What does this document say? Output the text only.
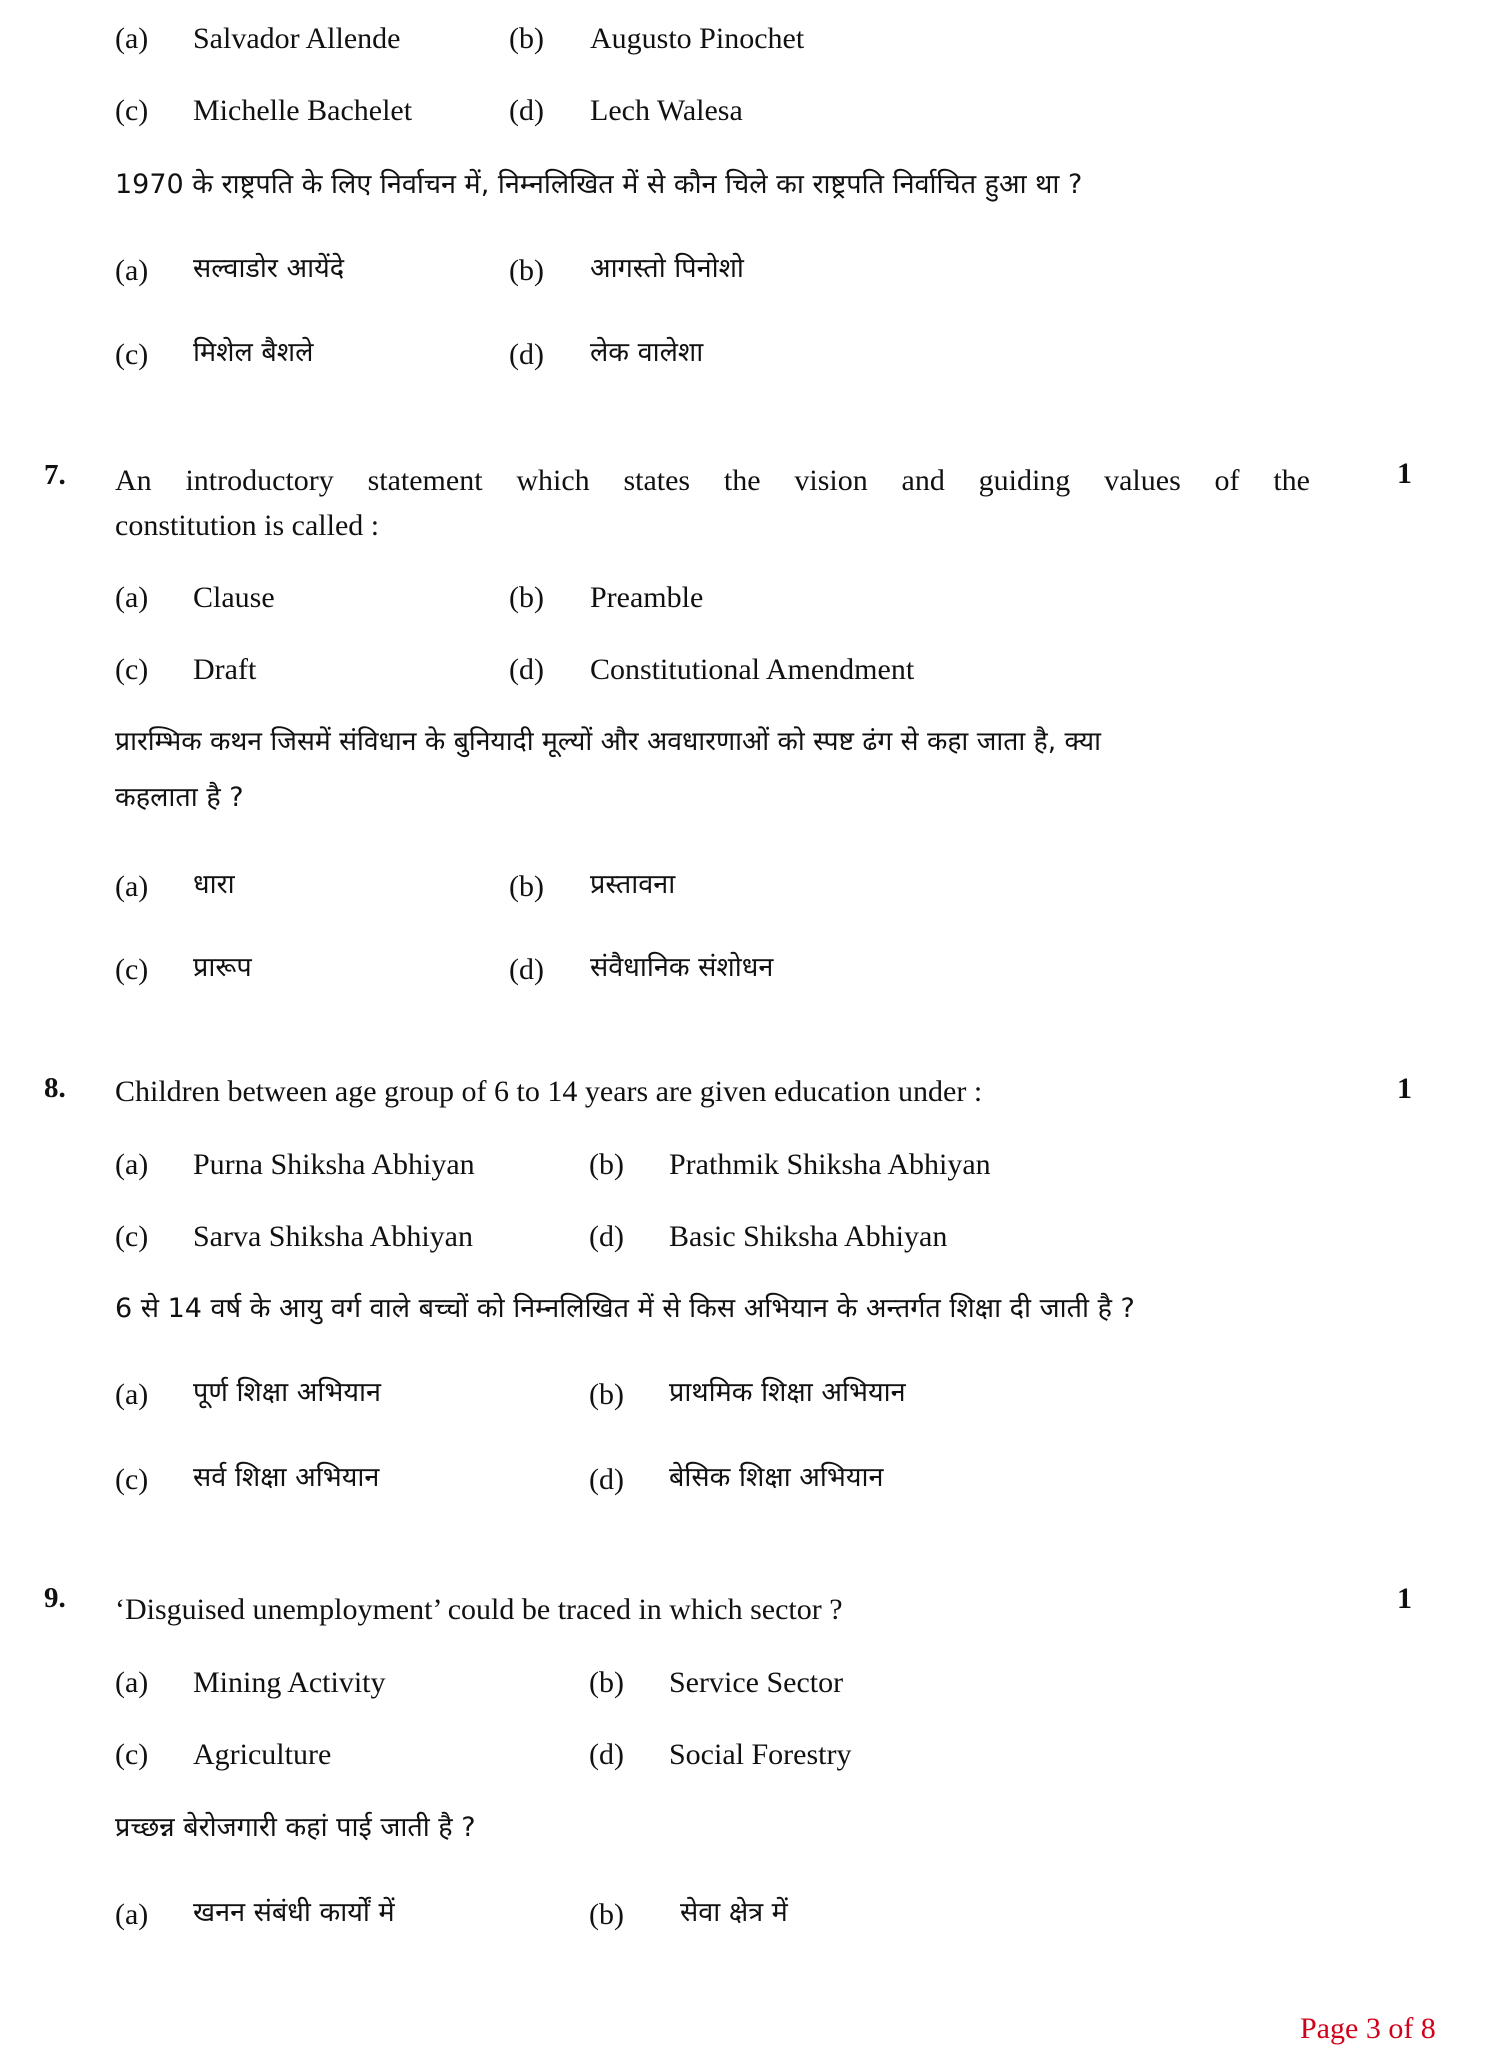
(a) Salvador Allende	(b) Augusto Pinochet
(c) Michelle Bachelet	(d) Lech Walesa
1970 के राष्ट्रपति के लिए निर्वाचन में, निम्नलिखित में से कौन चिले का राष्ट्रपति निर्वाचित हुआ था ?
(a) सल्वाडोर आयेंदे	(b) आगस्तो पिनोशो
(c) मिशेल बैशले	(d) लेक वालेशा
7.	1
An introductory statement which states the vision and guiding values of the
constitution is called :
(a) Clause	(b) Preamble
(c) Draft	(d) Constitutional Amendment
प्रारम्भिक कथन जिसमें संविधान के बुनियादी मूल्यों और अवधारणाओं को स्पष्ट ढंग से कहा जाता है, क्या
कहलाता है ?
(a) धारा	(b) प्रस्तावना
(c) प्रारूप	(d) संवैधानिक संशोधन
8.	1
Children between age group of 6 to 14 years are given education under :
(a) Purna Shiksha Abhiyan	(b) Prathmik Shiksha Abhiyan
(c) Sarva Shiksha Abhiyan	(d) Basic Shiksha Abhiyan
6 से 14 वर्ष के आयु वर्ग वाले बच्चों को निम्नलिखित में से किस अभियान के अन्तर्गत शिक्षा दी जाती है ?
(a) पूर्ण शिक्षा अभियान	(b) प्राथमिक शिक्षा अभियान
(c) सर्व शिक्षा अभियान	(d) बेसिक शिक्षा अभियान
9.	1
‘Disguised unemployment’ could be traced in which sector ?
(a) Mining Activity	(b) Service Sector
(c) Agriculture	(d) Social Forestry
प्रच्छन्न बेरोजगारी कहां पाई जाती है ?
(a) खनन संबंधी कार्यों में	(b) सेवा क्षेत्र में
Page 3 of 8
